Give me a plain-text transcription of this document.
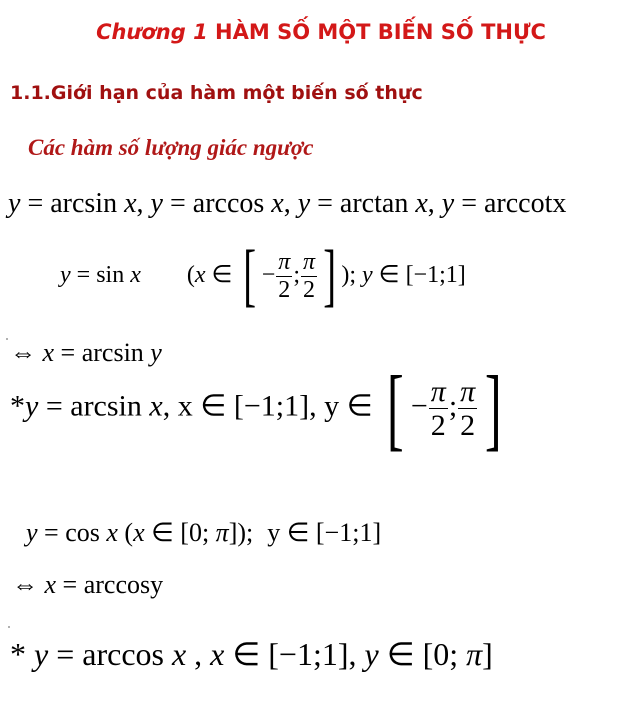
Chương 1 HÀM SỐ MỘT BIẾN SỐ THỰC
1.1.Giới hạn của hàm một biến số thực
Các hàm số lượng giác ngược
y = arcsin x, y = arccos x, y = arctan x, y = arccotx
y = sin x (x ∈ [ − $\frac{\pi}{2}$ ; $\frac{\pi}{2}$ ] ); y ∈ [−1;1]
⇔ x = arcsin y
*y = arcsin x, x ∈ [−1;1], y ∈ [ − $\frac{\pi}{2}$ ; $\frac{\pi}{2}$ ]
y = cos x (x ∈ [0; π]); y ∈ [−1;1]
⇔ x = arccosy
* y = arccos x , x ∈ [−1;1], y ∈ [0; π]
